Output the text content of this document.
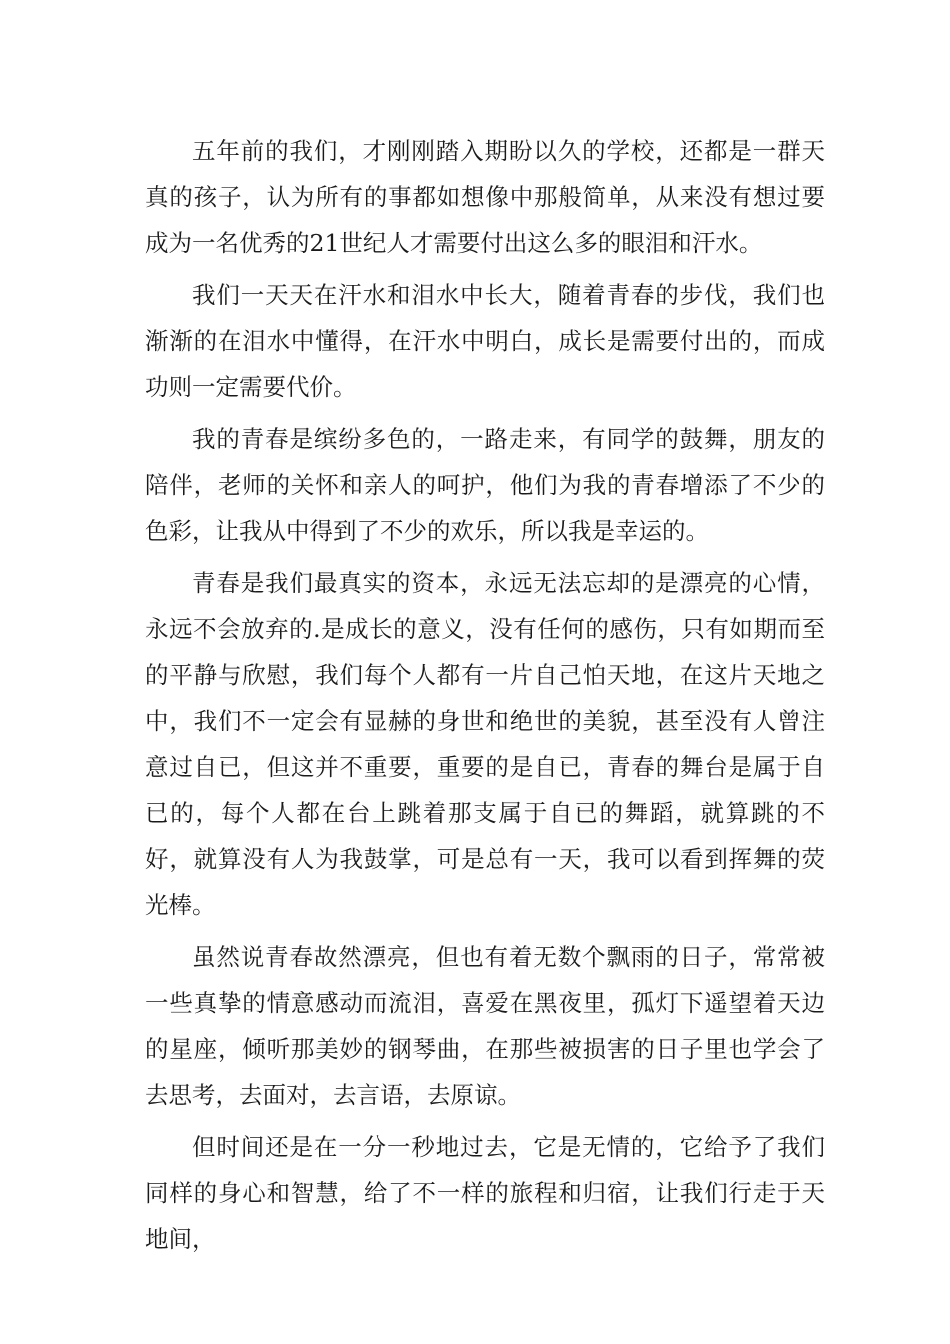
五年前的我们，才刚刚踏入期盼以久的学校，还都是一群天真的孩子，认为所有的事都如想像中那般简单，从来没有想过要成为一名优秀的21世纪人才需要付出这么多的眼泪和汗水。

我们一天天在汗水和泪水中长大，随着青春的步伐，我们也渐渐的在泪水中懂得，在汗水中明白，成长是需要付出的，而成功则一定需要代价。

我的青春是缤纷多色的，一路走来，有同学的鼓舞，朋友的陪伴，老师的关怀和亲人的呵护，他们为我的青春增添了不少的色彩，让我从中得到了不少的欢乐，所以我是幸运的。

青春是我们最真实的资本，永远无法忘却的是漂亮的心情，永远不会放弃的.是成长的意义，没有任何的感伤，只有如期而至的平静与欣慰，我们每个人都有一片自己怕天地，在这片天地之中，我们不一定会有显赫的身世和绝世的美貌，甚至没有人曾注意过自已，但这并不重要，重要的是自已，青春的舞台是属于自已的，每个人都在台上跳着那支属于自已的舞蹈，就算跳的不好，就算没有人为我鼓掌，可是总有一天，我可以看到挥舞的荧光棒。

虽然说青春故然漂亮，但也有着无数个飘雨的日子，常常被一些真挚的情意感动而流泪，喜爱在黑夜里，孤灯下遥望着天边的星座，倾听那美妙的钢琴曲，在那些被损害的日子里也学会了去思考，去面对，去言语，去原谅。

但时间还是在一分一秒地过去，它是无情的，它给予了我们同样的身心和智慧，给了不一样的旅程和归宿，让我们行走于天地间，
